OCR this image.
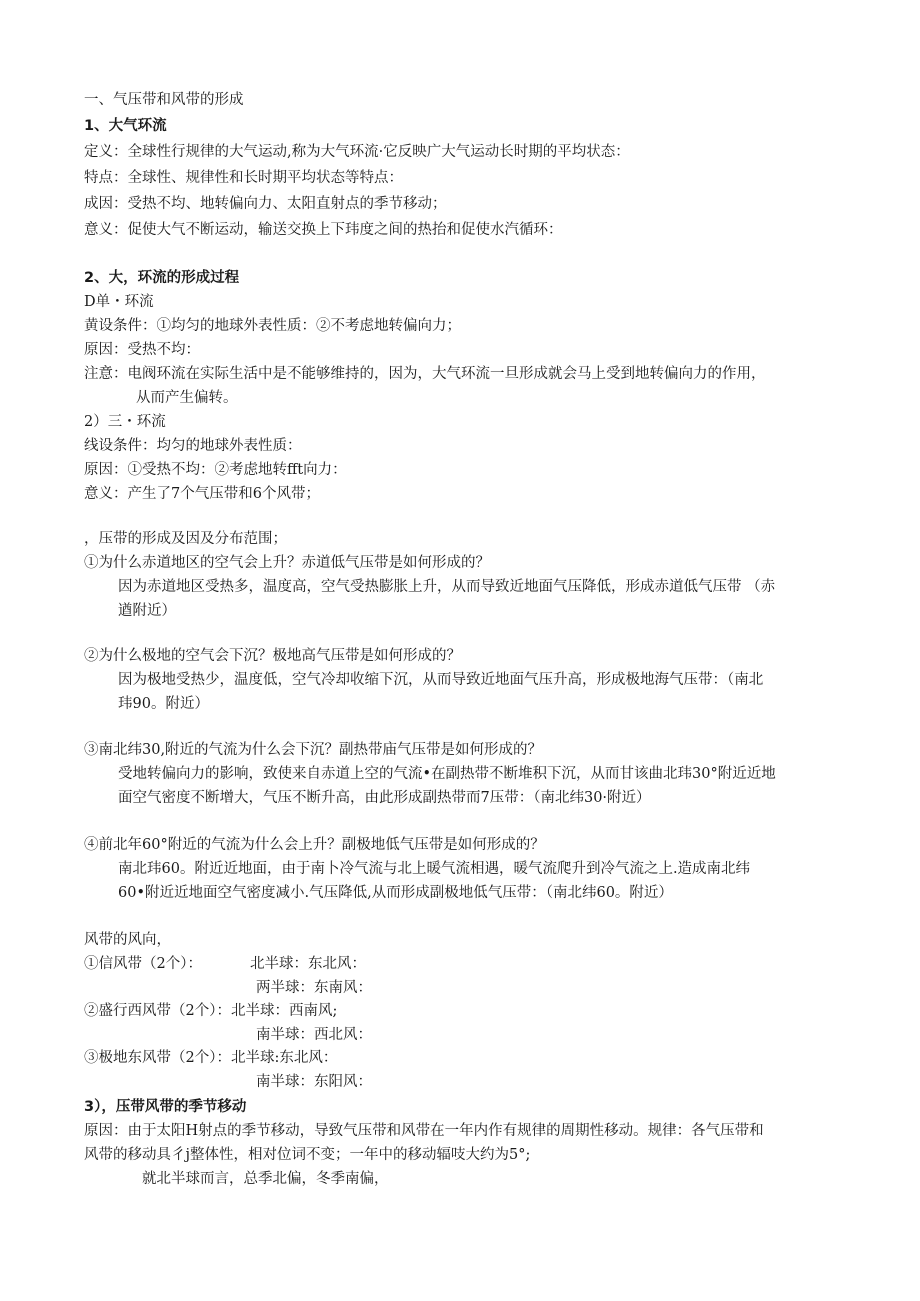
一、气压带和风带的形成
1、大气环流
定义：全球性行规律的大气运动,称为大气环流·它反映广大气运动长时期的平均状态：
特点：全球性、规律性和长时期平均状态等特点：
成因：受热不均、地转偏向力、太阳直射点的季节移动；
意义：促使大气不断运动，输送交换上下玮度之间的热抬和促使水汽循环：
2、大，环流的形成过程
D单・环流
黄设条件：①均匀的地球外表性质：②不考虑地转偏向力；
原因：受热不均：
注意：电阀环流在实际生活中是不能够维持的，因为，大气环流一旦形成就会马上受到地转偏向力的作用，
从而产生偏转。
2）三・环流
线设条件：均匀的地球外表性质：
原因：①受热不均：②考虑地转fft向力：
意义：产生了7个气压带和6个风带；
，压带的形成及因及分布范围；
①为什么赤道地区的空气会上升？赤道低气压带是如何形成的？
因为赤道地区受热多，温度高，空气受热膨胀上升，从而导致近地面气压降低，形成赤道低气压带 （赤
遒附近）
②为什么极地的空气会下沉？极地高气压带是如何形成的？
因为极地受热少，温度低，空气冷却收缩下沉，从而导致近地面气压升高，形成极地海气压带：（南北
玮90。附近）
③南北纬30,附近的气流为什么会下沉？副热带庙气压带是如何形成的？
受地转偏向力的影响，致使来自赤道上空的气流•在副热带不断堆积下沉，从而甘该曲北玮30°附近近地
面空气密度不断增大，气压不断升高，由此形成副热带而7压带：（南北纬30·附近）
④前北年60°附近的气流为什么会上升？副极地低气压带是如何形成的？
南北玮60。附近近地面，由于南卜冷气流与北上暖气流相遇，暖气流爬升到冷气流之上.造成南北纬
60•附近近地面空气密度减小.气压降低,从而形成副极地低气压带：（南北纬60。附近）
风带的风向，
①信风带（2个）：	北半球：东北风：
两半球：东南风：
②盛行西风带（2个）：北半球：西南风;
南半球：西北风：
③极地东风带（2个）：北半球:东北风：
南半球：东阳风：
3），压带风带的季节移动
原因：由于太阳H射点的季节移动，导致气压带和风带在一年内作有规律的周期性移动。规律：各气压带和
风带的移动具彳j整体性，相对位词不变；一年中的移动辐吱大约为5°;
就北半球而言，总季北偏，冬季南偏，
